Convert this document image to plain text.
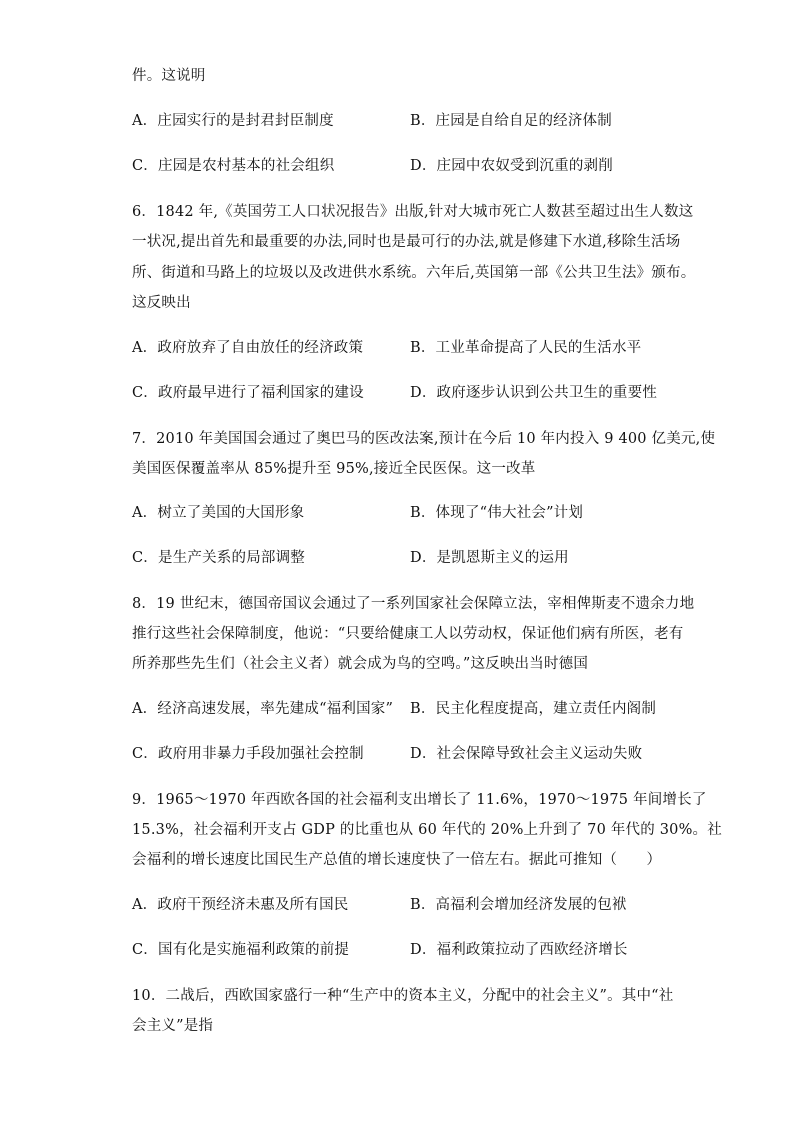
件。这说明
A．庄园实行的是封君封臣制度	B．庄园是自给自足的经济体制
C．庄园是农村基本的社会组织	D．庄园中农奴受到沉重的剥削
6．1842 年,《英国劳工人口状况报告》出版,针对大城市死亡人数甚至超过出生人数这
一状况,提出首先和最重要的办法,同时也是最可行的办法,就是修建下水道,移除生活场
所、街道和马路上的垃圾以及改进供水系统。六年后,英国第一部《公共卫生法》颁布。
这反映出
A．政府放弃了自由放任的经济政策	B．工业革命提高了人民的生活水平
C．政府最早进行了福利国家的建设	D．政府逐步认识到公共卫生的重要性
7．2010 年美国国会通过了奥巴马的医改法案,预计在今后 10 年内投入 9 400 亿美元,使
美国医保覆盖率从 85%提升至 95%,接近全民医保。这一改革
A．树立了美国的大国形象	B．体现了“伟大社会”计划
C．是生产关系的局部调整	D．是凯恩斯主义的运用
8．19 世纪末，德国帝国议会通过了一系列国家社会保障立法，宰相俾斯麦不遗余力地
推行这些社会保障制度，他说：“只要给健康工人以劳动权，保证他们病有所医，老有
所养那些先生们（社会主义者）就会成为鸟的空鸣。”这反映出当时德国
A．经济高速发展，率先建成“福利国家” B．民主化程度提高，建立责任内阁制
C．政府用非暴力手段加强社会控制	D．社会保障导致社会主义运动失败
9．1965～1970 年西欧各国的社会福利支出增长了 11.6%，1970～1975 年间增长了
15.3%，社会福利开支占 GDP 的比重也从 60 年代的 20%上升到了 70 年代的 30%。社
会福利的增长速度比国民生产总值的增长速度快了一倍左右。据此可推知（　　）
A．政府干预经济未惠及所有国民	B．高福利会增加经济发展的包袱
C．国有化是实施福利政策的前提	D．福利政策拉动了西欧经济增长
10．二战后，西欧国家盛行一种“生产中的资本主义，分配中的社会主义”。其中“社
会主义”是指
